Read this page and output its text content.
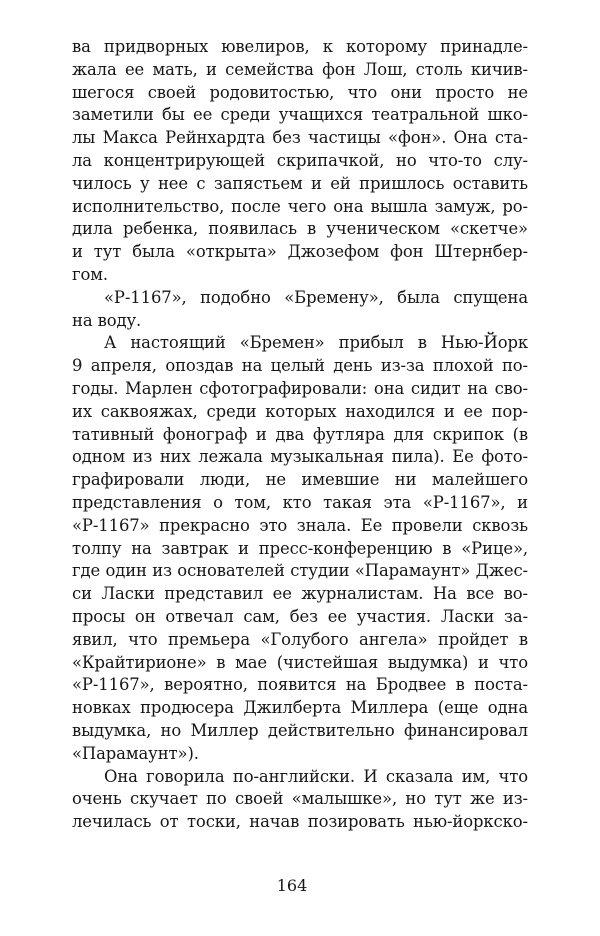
ва придворных ювелиров, к которому принадле-
жала ее мать, и семейства фон Лош, столь кичив-
шегося своей родовитостью, что они просто не
заметили бы ее среди учащихся театральной шко-
лы Макса Рейнхардта без частицы «фон». Она ста-
ла концентрирующей скрипачкой, но что-то слу-
чилось у нее с запястьем и ей пришлось оставить
исполнительство, после чего она вышла замуж, ро-
дила ребенка, появилась в ученическом «скетче»
и тут была «открыта» Джозефом фон Штернбер-
гом.
«Р-1167», подобно «Бремену», была спущена
на воду.
А настоящий «Бремен» прибыл в Нью-Йорк
9 апреля, опоздав на целый день из-за плохой по-
годы. Марлен сфотографировали: она сидит на сво-
их саквояжах, среди которых находился и ее пор-
тативный фонограф и два футляра для скрипок (в
одном из них лежала музыкальная пила). Ее фото-
графировали люди, не имевшие ни малейшего
представления о том, кто такая эта «Р-1167», и
«Р-1167» прекрасно это знала. Ее провели сквозь
толпу на завтрак и пресс-конференцию в «Рице»,
где один из основателей студии «Парамаунт» Джес-
си Ласки представил ее журналистам. На все во-
просы он отвечал сам, без ее участия. Ласки за-
явил, что премьера «Голубого ангела» пройдет в
«Крайтирионе» в мае (чистейшая выдумка) и что
«Р-1167», вероятно, появится на Бродвее в поста-
новках продюсера Джилберта Миллера (еще одна
выдумка, но Миллер действительно финансировал
«Парамаунт»).
Она говорила по-английски. И сказала им, что
очень скучает по своей «малышке», но тут же из-
лечилась от тоски, начав позировать нью-йоркско-
164
